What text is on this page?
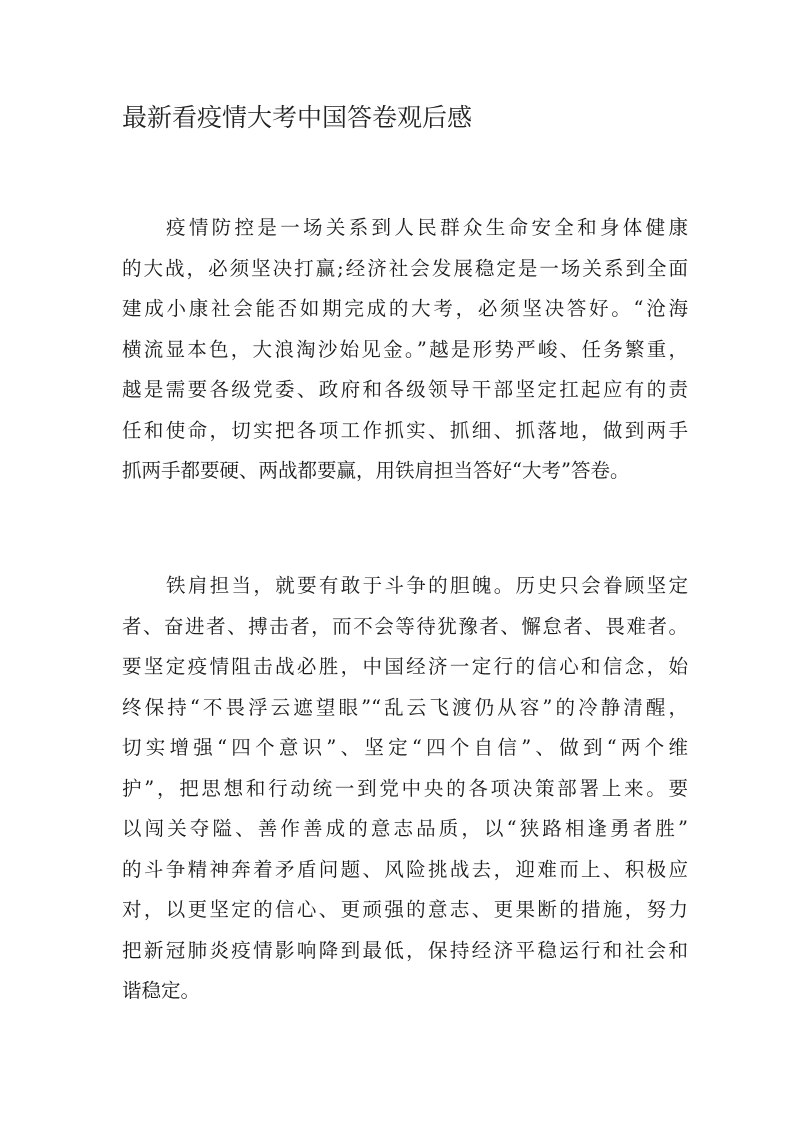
最新看疫情大考中国答卷观后感

疫情防控是一场关系到人民群众生命安全和身体健康
的大战，必须坚决打赢;经济社会发展稳定是一场关系到全面
建成小康社会能否如期完成的大考，必须坚决答好。“沧海
横流显本色，大浪淘沙始见金。”越是形势严峻、任务繁重，
越是需要各级党委、政府和各级领导干部坚定扛起应有的责
任和使命，切实把各项工作抓实、抓细、抓落地，做到两手
抓两手都要硬、两战都要赢，用铁肩担当答好“大考”答卷。

铁肩担当，就要有敢于斗争的胆魄。历史只会眷顾坚定
者、奋进者、搏击者，而不会等待犹豫者、懈怠者、畏难者。
要坚定疫情阻击战必胜，中国经济一定行的信心和信念，始
终保持“不畏浮云遮望眼”“乱云飞渡仍从容”的冷静清醒，
切实增强“四个意识”、坚定“四个自信”、做到“两个维
护”，把思想和行动统一到党中央的各项决策部署上来。要
以闯关夺隘、善作善成的意志品质，以“狭路相逢勇者胜”
的斗争精神奔着矛盾问题、风险挑战去，迎难而上、积极应
对，以更坚定的信心、更顽强的意志、更果断的措施，努力
把新冠肺炎疫情影响降到最低，保持经济平稳运行和社会和
谐稳定。
